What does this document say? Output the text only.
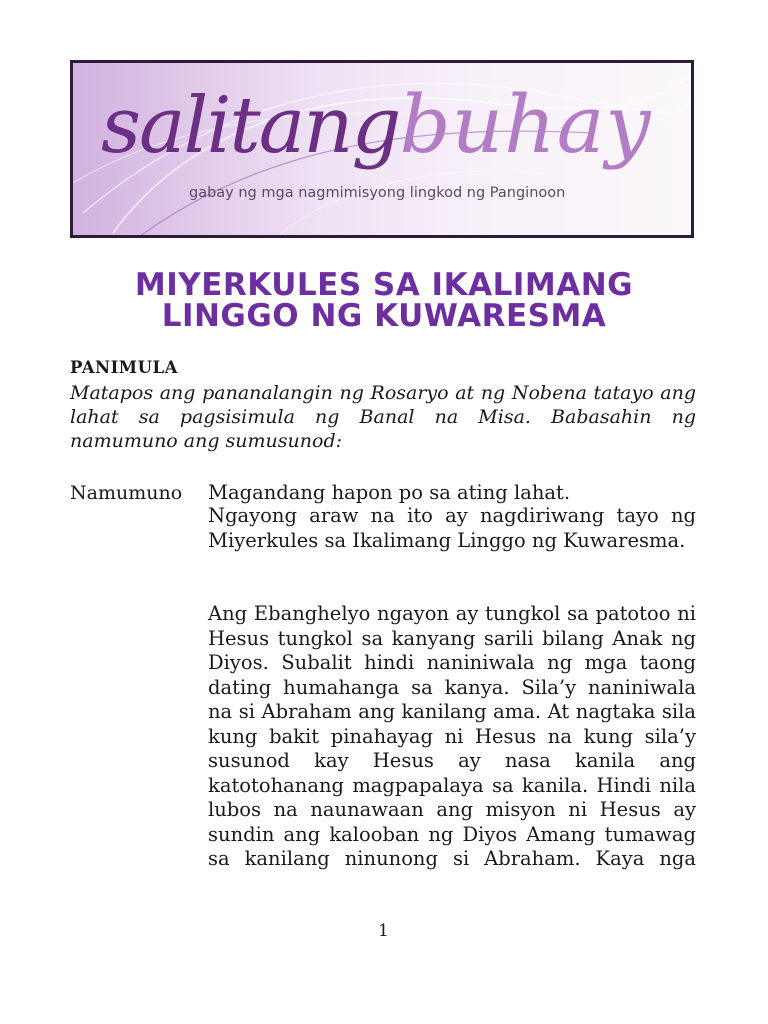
salitangbuhay
gabay ng mga nagmimisyong lingkod ng Panginoon
MIYERKULES SA IKALIMANG
LINGGO NG KUWARESMA
PANIMULA
Matapos ang pananalangin ng Rosaryo at ng Nobena tatayo ang lahat sa pagsisimula ng Banal na Misa. Babasahin ng namumuno ang sumusunod:
Namumuno Magandang hapon po sa ating lahat.

Ngayong araw na ito ay nagdiriwang tayo ng Miyerkules sa Ikalimang Linggo ng Kuwaresma.

Ang Ebanghelyo ngayon ay tungkol sa patotoo ni Hesus tungkol sa kanyang sarili bilang Anak ng Diyos. Subalit hindi naniniwala ng mga taong dating humahanga sa kanya. Sila’y naniniwala na si Abraham ang kanilang ama. At nagtaka sila kung bakit pinahayag ni Hesus na kung sila’y susunod kay Hesus ay nasa kanila ang katotohanang magpapalaya sa kanila. Hindi nila lubos na naunawaan ang misyon ni Hesus ay sundin ang kalooban ng Diyos Amang tumawag sa kanilang ninunong si Abraham. Kaya nga

1
